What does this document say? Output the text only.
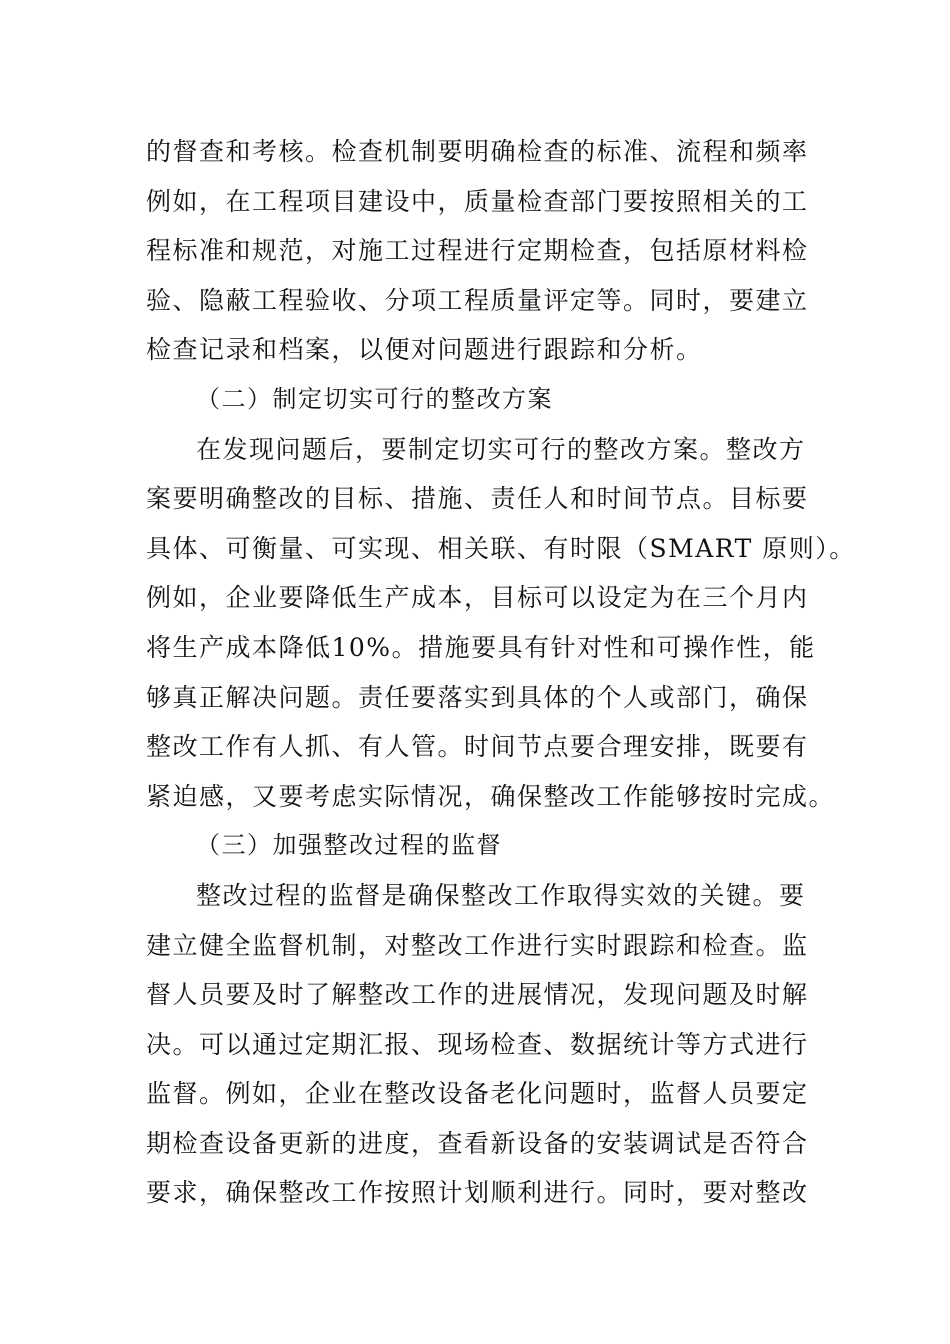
的督查和考核。检查机制要明确检查的标准、流程和频率
例如，在工程项目建设中，质量检查部门要按照相关的工
程标准和规范，对施工过程进行定期检查，包括原材料检
验、隐蔽工程验收、分项工程质量评定等。同时，要建立
检查记录和档案，以便对问题进行跟踪和分析。
（二）制定切实可行的整改方案
在发现问题后，要制定切实可行的整改方案。整改方
案要明确整改的目标、措施、责任人和时间节点。目标要
具体、可衡量、可实现、相关联、有时限（SMART 原则）。
例如，企业要降低生产成本，目标可以设定为在三个月内
将生产成本降低10%。措施要具有针对性和可操作性，能
够真正解决问题。责任要落实到具体的个人或部门，确保
整改工作有人抓、有人管。时间节点要合理安排，既要有
紧迫感，又要考虑实际情况，确保整改工作能够按时完成。
（三）加强整改过程的监督
整改过程的监督是确保整改工作取得实效的关键。要
建立健全监督机制，对整改工作进行实时跟踪和检查。监
督人员要及时了解整改工作的进展情况，发现问题及时解
决。可以通过定期汇报、现场检查、数据统计等方式进行
监督。例如，企业在整改设备老化问题时，监督人员要定
期检查设备更新的进度，查看新设备的安装调试是否符合
要求，确保整改工作按照计划顺利进行。同时，要对整改
